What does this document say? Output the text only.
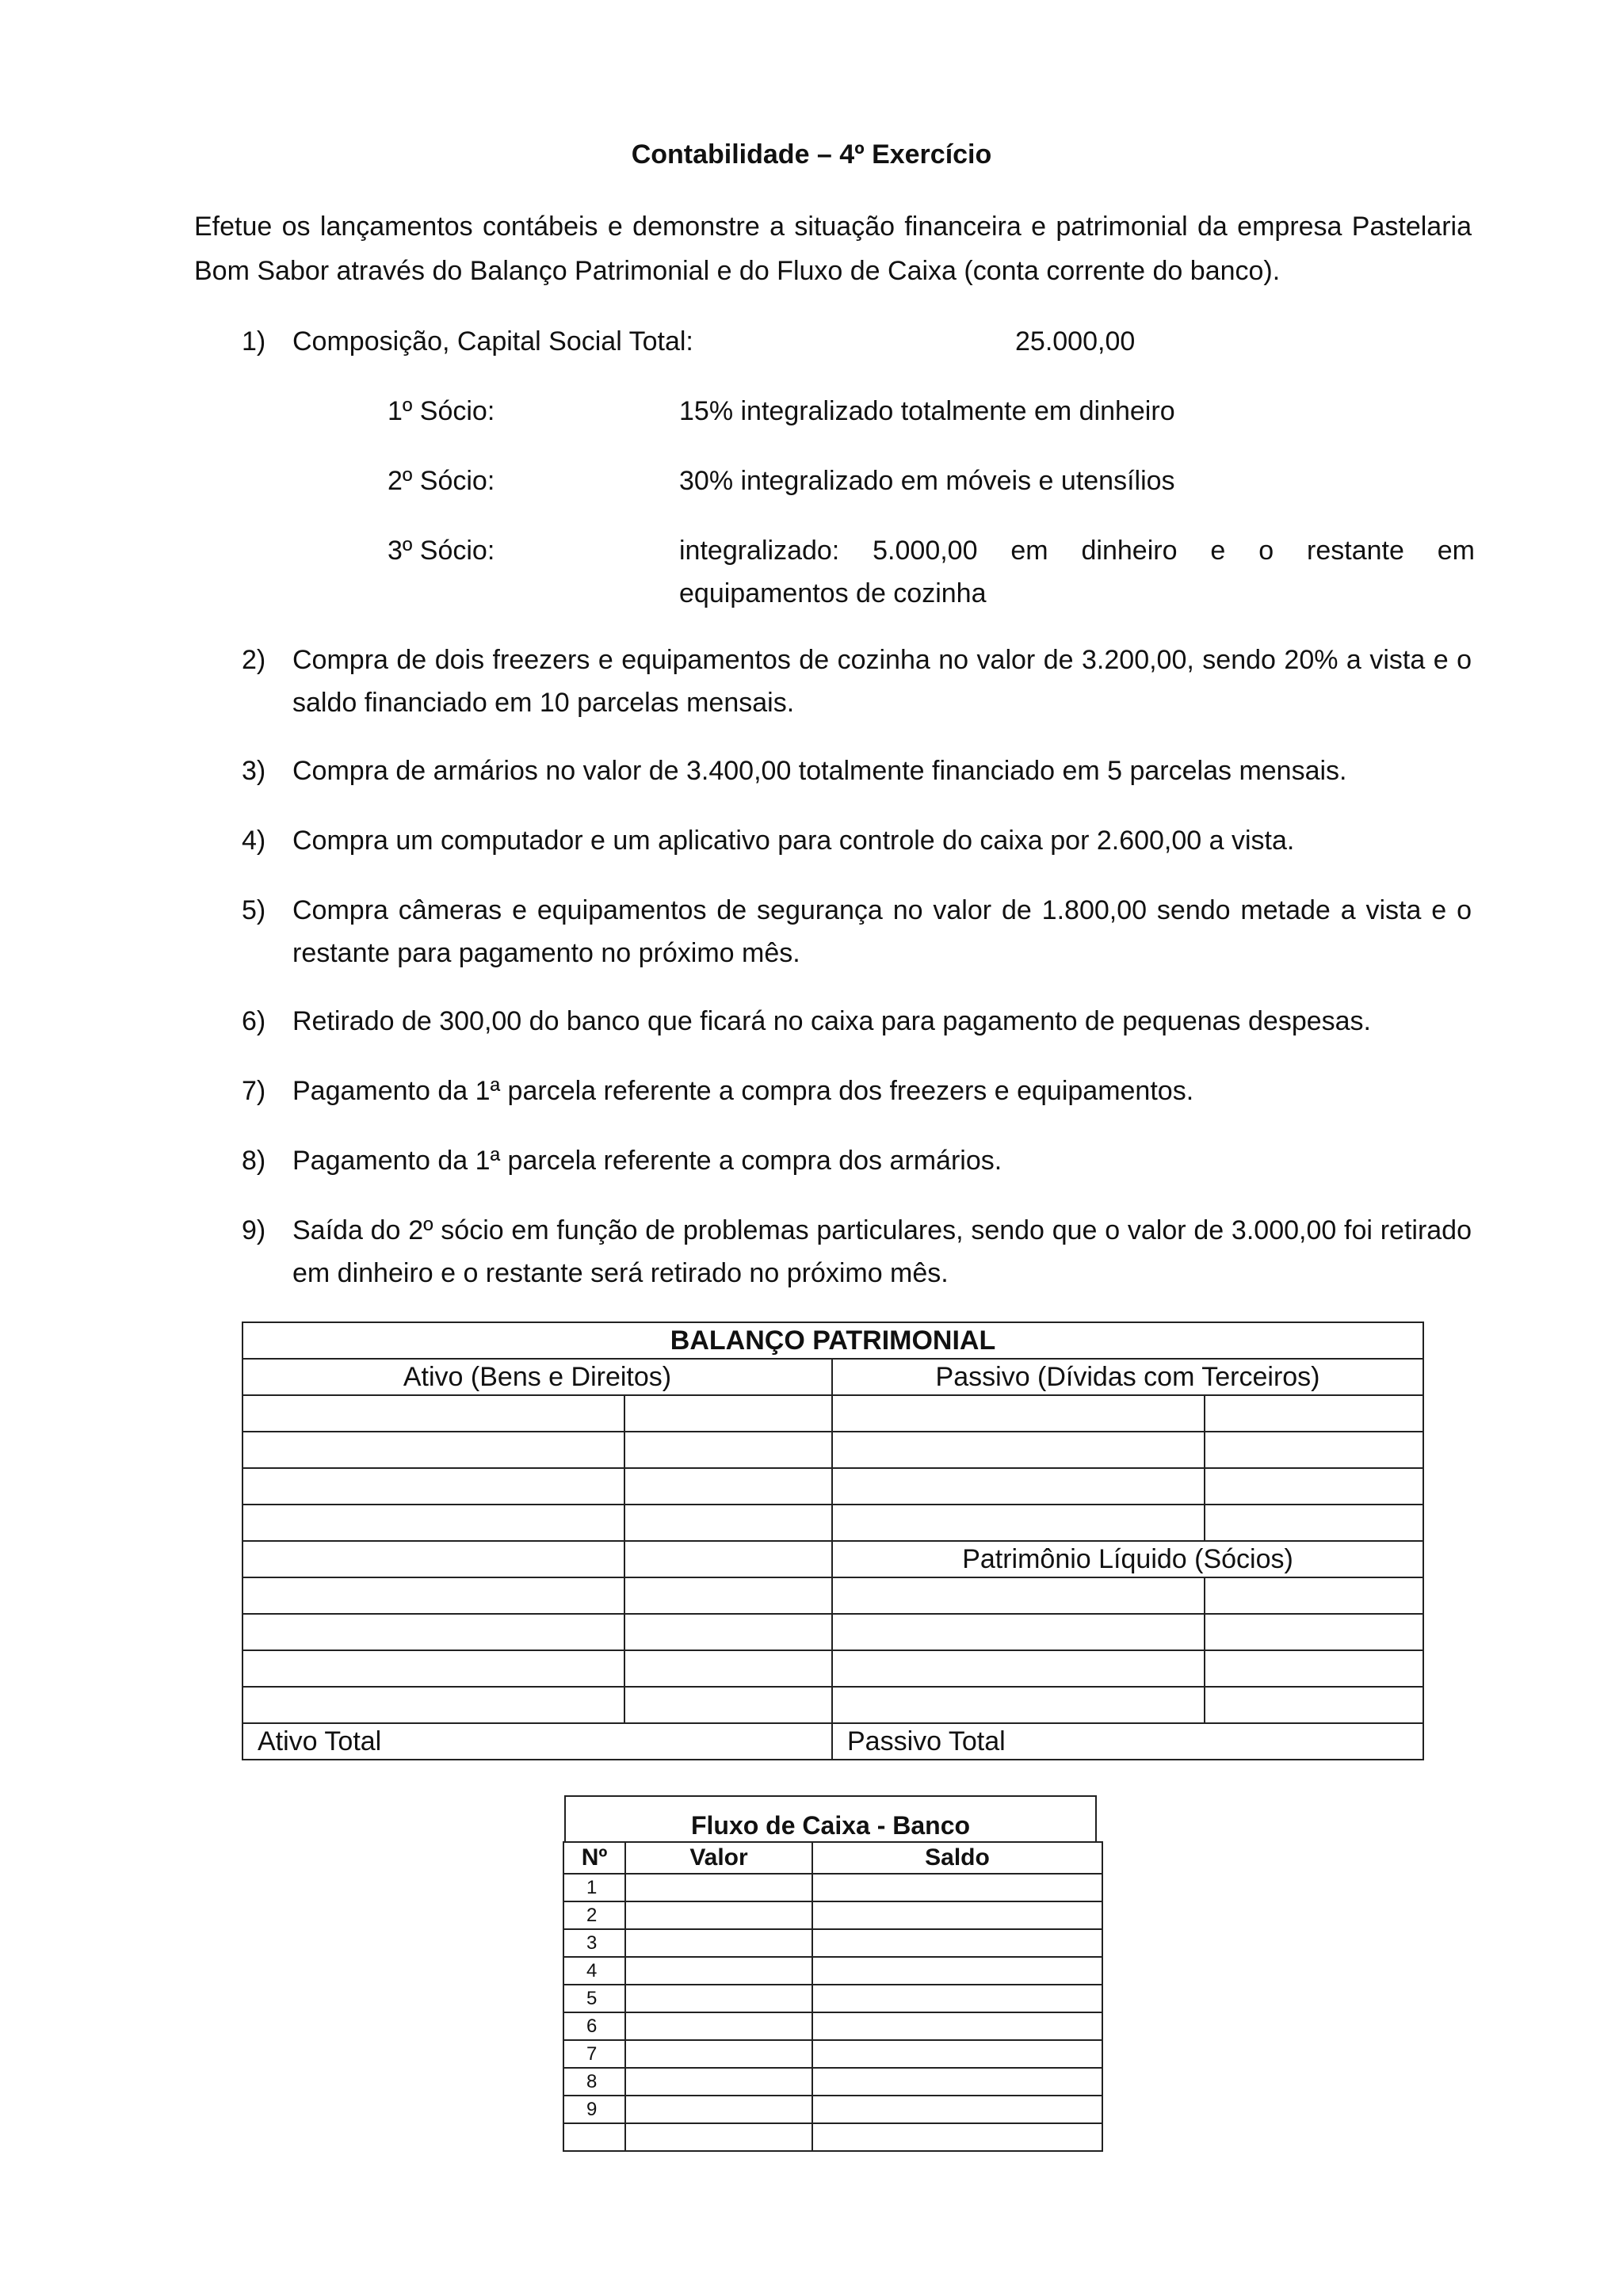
Contabilidade – 4º Exercício
Efetue os lançamentos contábeis e demonstre a situação financeira e patrimonial da empresa Pastelaria Bom Sabor através do Balanço Patrimonial e do Fluxo de Caixa (conta corrente do banco).
1) Composição, Capital Social Total:	25.000,00
1º Sócio:	15% integralizado totalmente em dinheiro
2º Sócio:	30% integralizado em móveis e utensílios
3º Sócio:	integralizado: 5.000,00 em dinheiro e o restante em
equipamentos de cozinha
2) Compra de dois freezers e equipamentos de cozinha no valor de 3.200,00, sendo 20% a vista e o saldo financiado em 10 parcelas mensais.
3) Compra de armários no valor de 3.400,00 totalmente financiado em 5 parcelas mensais.
4) Compra um computador e um aplicativo para controle do caixa por 2.600,00 a vista.
5) Compra câmeras e equipamentos de segurança no valor de 1.800,00 sendo metade a vista e o restante para pagamento no próximo mês.
6) Retirado de 300,00 do banco que ficará no caixa para pagamento de pequenas despesas.
7) Pagamento da 1ª parcela referente a compra dos freezers e equipamentos.
8) Pagamento da 1ª parcela referente a compra dos armários.
9) Saída do 2º sócio em função de problemas particulares, sendo que o valor de 3.000,00 foi retirado em dinheiro e o restante será retirado no próximo mês.
BALANÇO PATRIMONIAL			
Ativo (Bens e Direitos)		Passivo (Dívidas com Terceiros)	

		Patrimônio Líquido (Sócios)	

Ativo Total		Passivo Total	
Fluxo de Caixa - Banco
Nº	Valor	Saldo
1		
2		
3		
4		
5		
6		
7		
8		
9		
